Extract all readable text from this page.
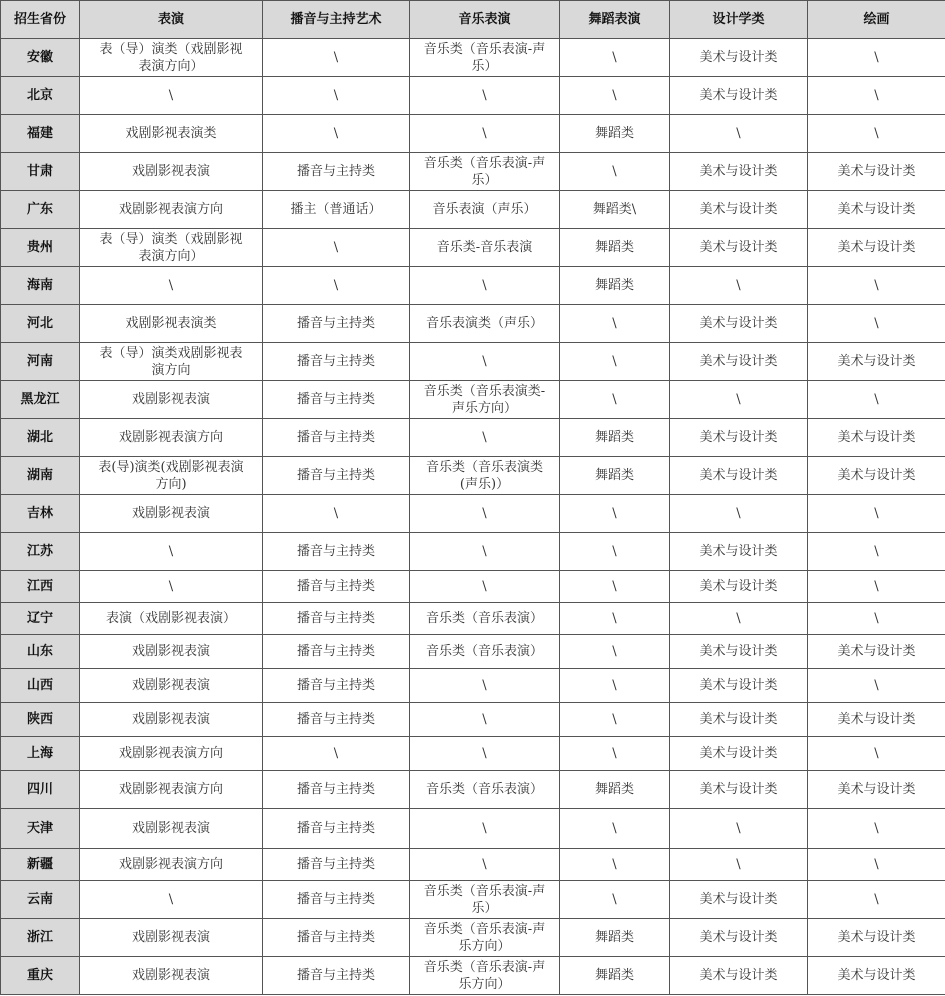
招生省份	表演	播音与主持艺术	音乐表演	舞蹈表演	设计学类	绘画
安徽	表（导）演类（戏剧影视
表演方向）	\	音乐类（音乐表演-声
乐）	\	美术与设计类	\
北京	\	\	\	\	美术与设计类	\
福建	戏剧影视表演类	\	\	舞蹈类	\	\
甘肃	戏剧影视表演	播音与主持类	音乐类（音乐表演-声
乐）	\	美术与设计类	美术与设计类
广东	戏剧影视表演方向	播主（普通话）	音乐表演（声乐）	舞蹈类\	美术与设计类	美术与设计类
贵州	表（导）演类（戏剧影视
表演方向）	\	音乐类-音乐表演	舞蹈类	美术与设计类	美术与设计类
海南	\	\	\	舞蹈类	\	\
河北	戏剧影视表演类	播音与主持类	音乐表演类（声乐）	\	美术与设计类	\
河南	表（导）演类戏剧影视表
演方向	播音与主持类	\	\	美术与设计类	美术与设计类
黑龙江	戏剧影视表演	播音与主持类	音乐类（音乐表演类-
声乐方向）	\	\	\
湖北	戏剧影视表演方向	播音与主持类	\	舞蹈类	美术与设计类	美术与设计类
湖南	表(导)演类(戏剧影视表演
方向)	播音与主持类	音乐类（音乐表演类
(声乐)）	舞蹈类	美术与设计类	美术与设计类
吉林	戏剧影视表演	\	\	\	\	\
江苏	\	播音与主持类	\	\	美术与设计类	\
江西	\	播音与主持类	\	\	美术与设计类	\
辽宁	表演（戏剧影视表演）	播音与主持类	音乐类（音乐表演）	\	\	\
山东	戏剧影视表演	播音与主持类	音乐类（音乐表演）	\	美术与设计类	美术与设计类
山西	戏剧影视表演	播音与主持类	\	\	美术与设计类	\
陕西	戏剧影视表演	播音与主持类	\	\	美术与设计类	美术与设计类
上海	戏剧影视表演方向	\	\	\	美术与设计类	\
四川	戏剧影视表演方向	播音与主持类	音乐类（音乐表演）	舞蹈类	美术与设计类	美术与设计类
天津	戏剧影视表演	播音与主持类	\	\	\	\
新疆	戏剧影视表演方向	播音与主持类	\	\	\	\
云南	\	播音与主持类	音乐类（音乐表演-声
乐）	\	美术与设计类	\
浙江	戏剧影视表演	播音与主持类	音乐类（音乐表演-声
乐方向）	舞蹈类	美术与设计类	美术与设计类
重庆	戏剧影视表演	播音与主持类	音乐类（音乐表演-声
乐方向）	舞蹈类	美术与设计类	美术与设计类
